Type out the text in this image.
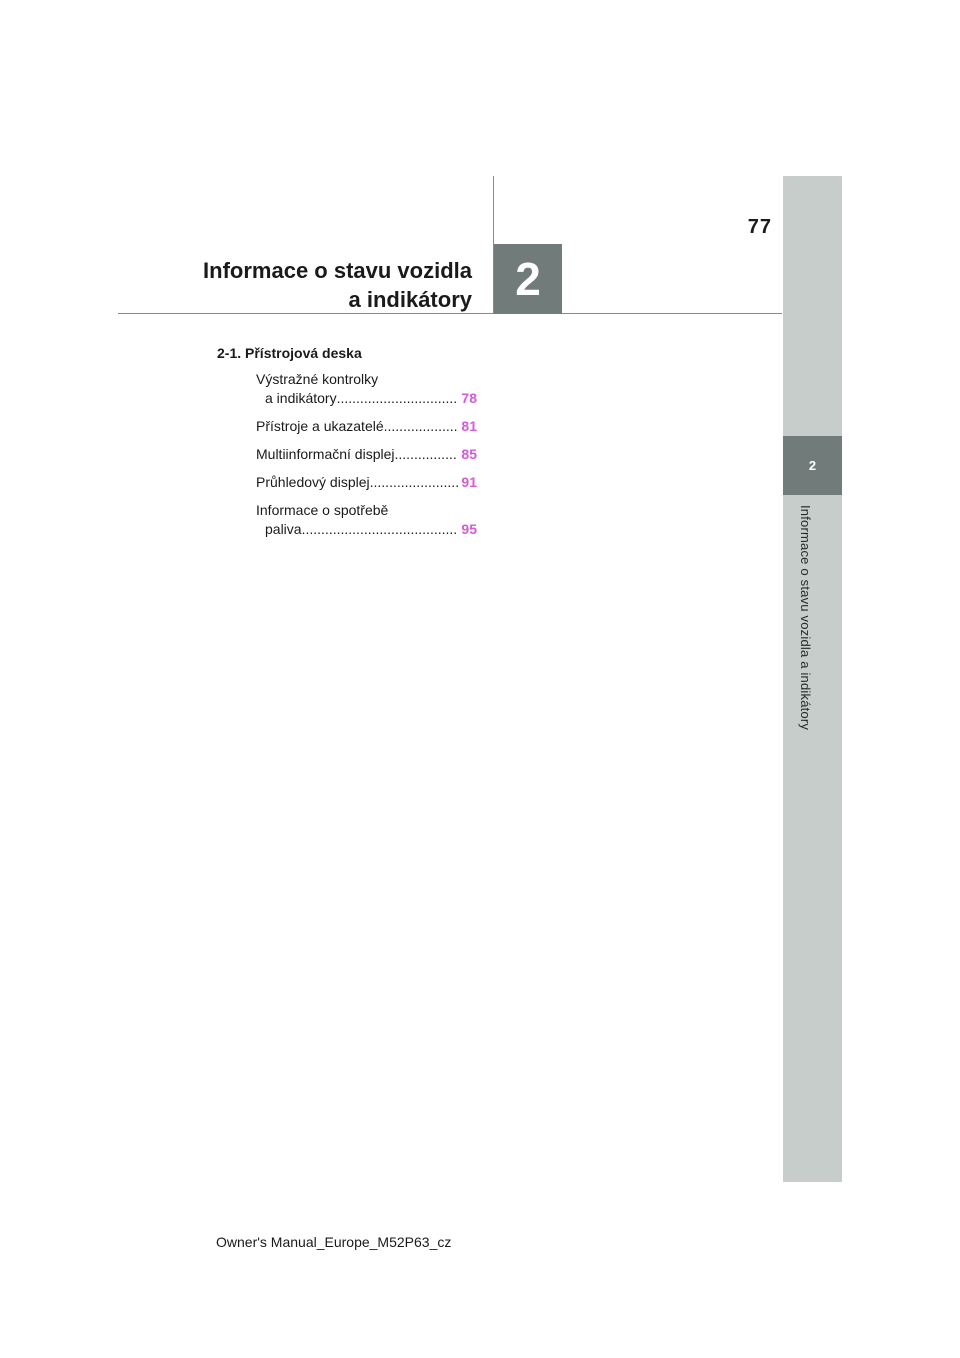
77
Informace o stavu vozidla
a indikátory 2
2
Informace o stavu vozidla a indikátory
2-1. Přístrojová deska
Výstražné kontrolky
a indikátory .....	78
Přístroje a ukazatelé .....	81
Multiinformační displej .....	85
Průhledový displej .....	91
Informace o spotřebě
paliva .....	95
Owner's Manual_Europe_M52P63_cz
